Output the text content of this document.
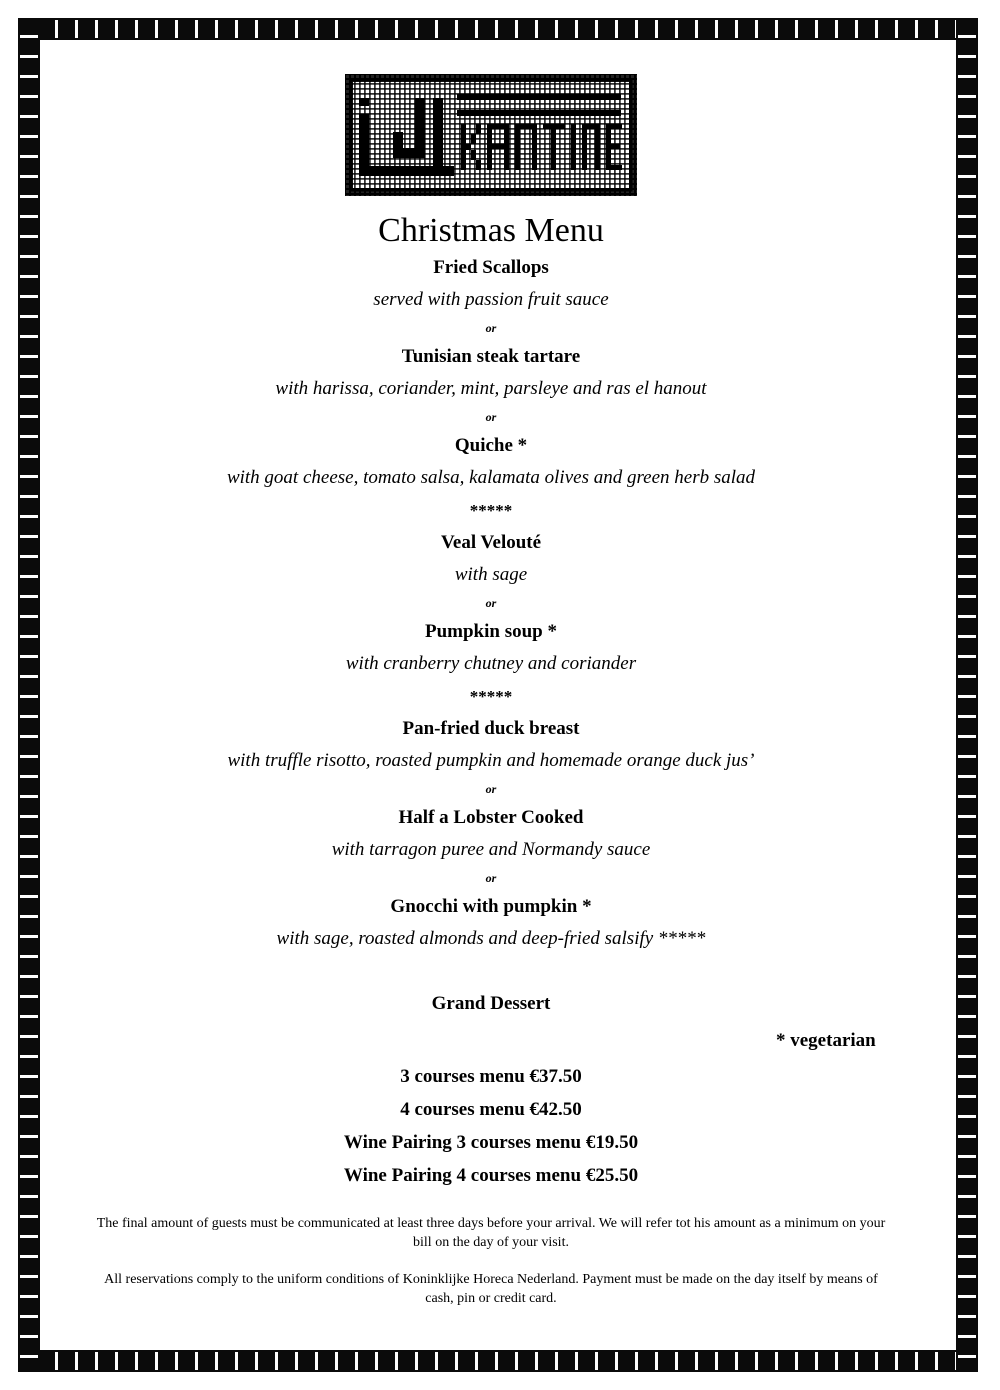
Christmas Menu
Fried Scallops
served with passion fruit sauce
or
Tunisian steak tartare
with harissa, coriander, mint, parsleye and ras el hanout
or
Quiche *
with goat cheese, tomato salsa, kalamata olives and green herb salad
*****
Veal Velouté
with sage
or
Pumpkin soup *
with cranberry chutney and coriander
*****
Pan-fried duck breast
with truffle risotto, roasted pumpkin and homemade orange duck jus’
or
Half a Lobster Cooked
with tarragon puree and Normandy sauce
or
Gnocchi with pumpkin *
with sage, roasted almonds and deep-fried salsify *****
Grand Dessert
* vegetarian
3 courses menu €37.50
4 courses menu €42.50
Wine Pairing 3 courses menu €19.50
Wine Pairing 4 courses menu €25.50

The final amount of guests must be communicated at least three days before your arrival. We will refer tot his amount as a minimum on your bill on the day of your visit.

All reservations comply to the uniform conditions of Koninklijke Horeca Nederland. Payment must be made on the day itself by means of cash, pin or credit card.
